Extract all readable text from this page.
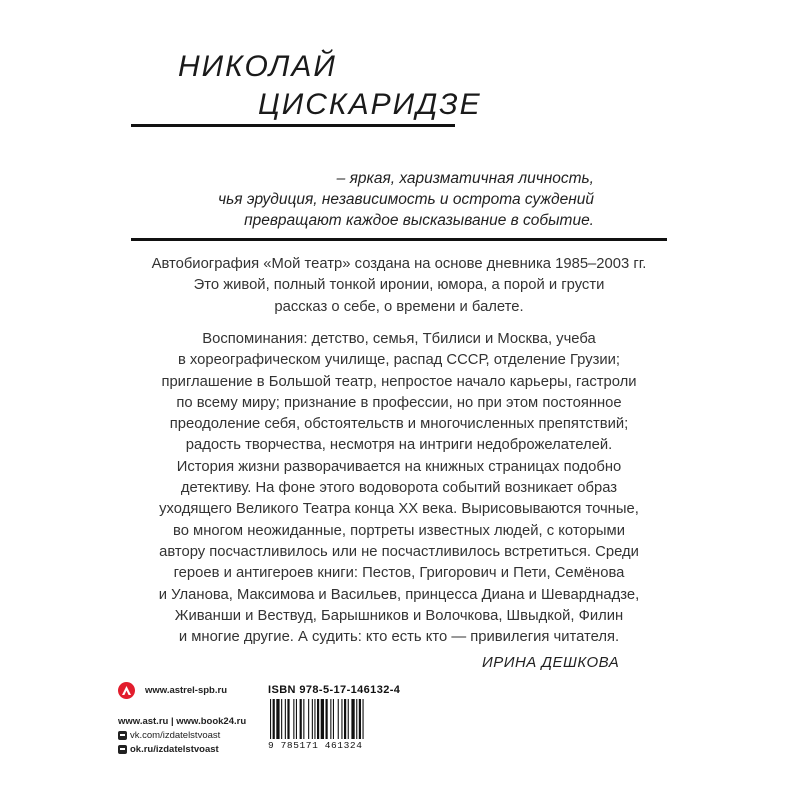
НИКОЛАЙ
ЦИСКАРИДЗЕ
– яркая, харизматичная личность,
чья эрудиция, независимость и острота суждений
превращают каждое высказывание в событие.
Автобиография «Мой театр» создана на основе дневника 1985–2003 гг.
Это живой, полный тонкой иронии, юмора, а порой и грусти
рассказ о себе, о времени и балете.
Воспоминания: детство, семья, Тбилиси и Москва, учеба
в хореографическом училище, распад СССР, отделение Грузии;
приглашение в Большой театр, непростое начало карьеры, гастроли
по всему миру; признание в профессии, но при этом постоянное
преодоление себя, обстоятельств и многочисленных препятствий;
радость творчества, несмотря на интриги недоброжелателей.
История жизни разворачивается на книжных страницах подобно
детективу. На фоне этого водоворота событий возникает образ
уходящего Великого Театра конца XX века. Вырисовываются точные,
во многом неожиданные, портреты известных людей, с которыми
автору посчастливилось или не посчастливилось встретиться. Среди
героев и антигероев книги: Пестов, Григорович и Пети, Семёнова
и Уланова, Максимова и Васильев, принцесса Диана и Шеварднадзе,
Живанши и Вествуд, Барышников и Волочкова, Швыдкой, Филин
и многие другие. А судить: кто есть кто — привилегия читателя.
ИРИНА ДЕШКОВА
www.astrel-spb.ru
www.ast.ru | www.book24.ru
vk.com/izdatelstvoast
ok.ru/izdatelstvoast
ISBN 978-5-17-146132-4
9 785171 461324
